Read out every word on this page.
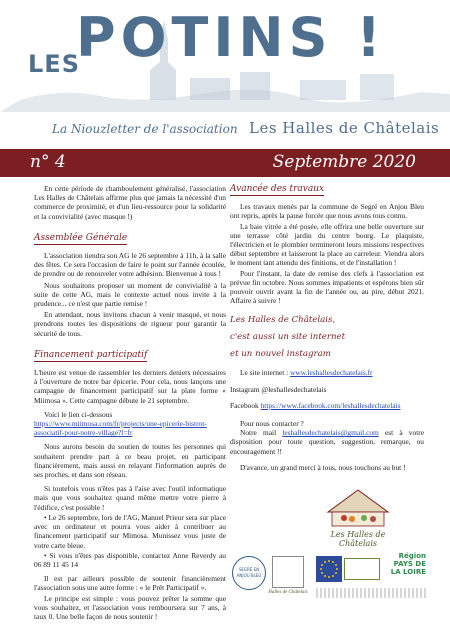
LES
POTINS !
La Niouzletter de l'association Les Halles de Châtelais
n° 4	Septembre 2020

En cette période de chamboulement généralisé, l'association Les Halles de Châtelais affirme plus que jamais la nécessité d'un commerce de proximité, et d'un lieu-ressource pour la solidarité et la convivialité (avec masque !)

Assemblée Générale

L'association tiendra son AG le 26 septembre à 11h, à la salle des fêtes. Ce sera l'occasion de faire le point sur l'année écoulée, de prendre ou de renouveler votre adhésion. Bienvenue à tous !

Nous souhaitons proposer un moment de convivialité à la suite de cette AG, mais le contexte actuel nous invite à la prudence... ce n'est que partie remise !

En attendant, nous invitons chacun à venir masqué, et nous prendrons toutes les dispositions de rigueur pour garantir la sécurité de tous.

Financement participatif

L'heure est venue de rassembler les derniers deniers nécessaires à l'ouverture de notre bar épicerie. Pour cela, nous lançons une campagne de financement participatif sur la plate forme « Miimosa ». Cette campagne débute le 21 septembre.

Voici le lien ci-dessous

https://www.miimosa.com/fr/projects/une-epicerie-bistrot-associatif-pour-notre-village?l=fr

Nous aurons besoin du soutien de toutes les personnes qui souhaitent prendre part à ce beau projet, en participant financièrement, mais aussi en relayant l'information auprès de ses proches, et dans son réseau.

Si toutefois vous n'êtes pas à l'aise avec l'outil informatique mais que vous souhaitez quand même mettre votre pierre à l'édifice, c'est possible !

• Le 26 septembre, lors de l'AG, Manuel Prieur sera sur place avec un ordinateur et pourra vous aider à contribuer au financement participatif sur Mimosa. Munissez vous juste de votre carte bleue.

• Si vous n'êtes pas disponible, contactez Anne Reverdy au 06 89 11 45 14

Il est par ailleurs possible de soutenir financièrement l'association sous une autre forme : « le Prêt Participatif ».

Le principe est simple : vous pouvez prêter la somme que vous souhaitez, et l'association vous remboursera sur 7 ans, à taux 0. Une belle façon de nous soutenir !

Avancée des travaux

Les travaux menés par la commune de Segré en Anjou Bleu ont repris, après la pause forcée que nous avons tous connu.

La baie vitrée a été posée, elle offrira une belle ouverture sur une terrasse côté jardin du centre bourg. Le plaquiste, l'électricien et le plombier termineront leurs missions respectives début septembre et laisseront la place au carreleur. Viendra alors le moment tant attendu des finitions, et de l'installation !

Pour l'instant, la date de remise des clefs à l'association est prévue fin octobre. Nous sommes impatients et espérons bien sûr pouvoir ouvrir avant la fin de l'année ou, au pire, début 2021. Affaire à suivre !

Les Halles de Châtelais,
c'est aussi un site internet
et un nouvel instagram

Le site internet : www.leshallesdechatelais.fr

Instagram @leshallesdechatelais

Facebook https://www.facebook.com/leshallesdechatelais

Pour nous contacter ?

Notre mail leshallesdechatelais@gmail.com est à votre disposition pour toute question, suggestion, remarque, ou encouragement !!

D'avance, un grand merci à tous, nous touchons au but !

Les Halles de Châtelais
SEGRÉ EN ANJOU BLEU
Halles de Châtelais
Région PAYS DE LA LOIRE
